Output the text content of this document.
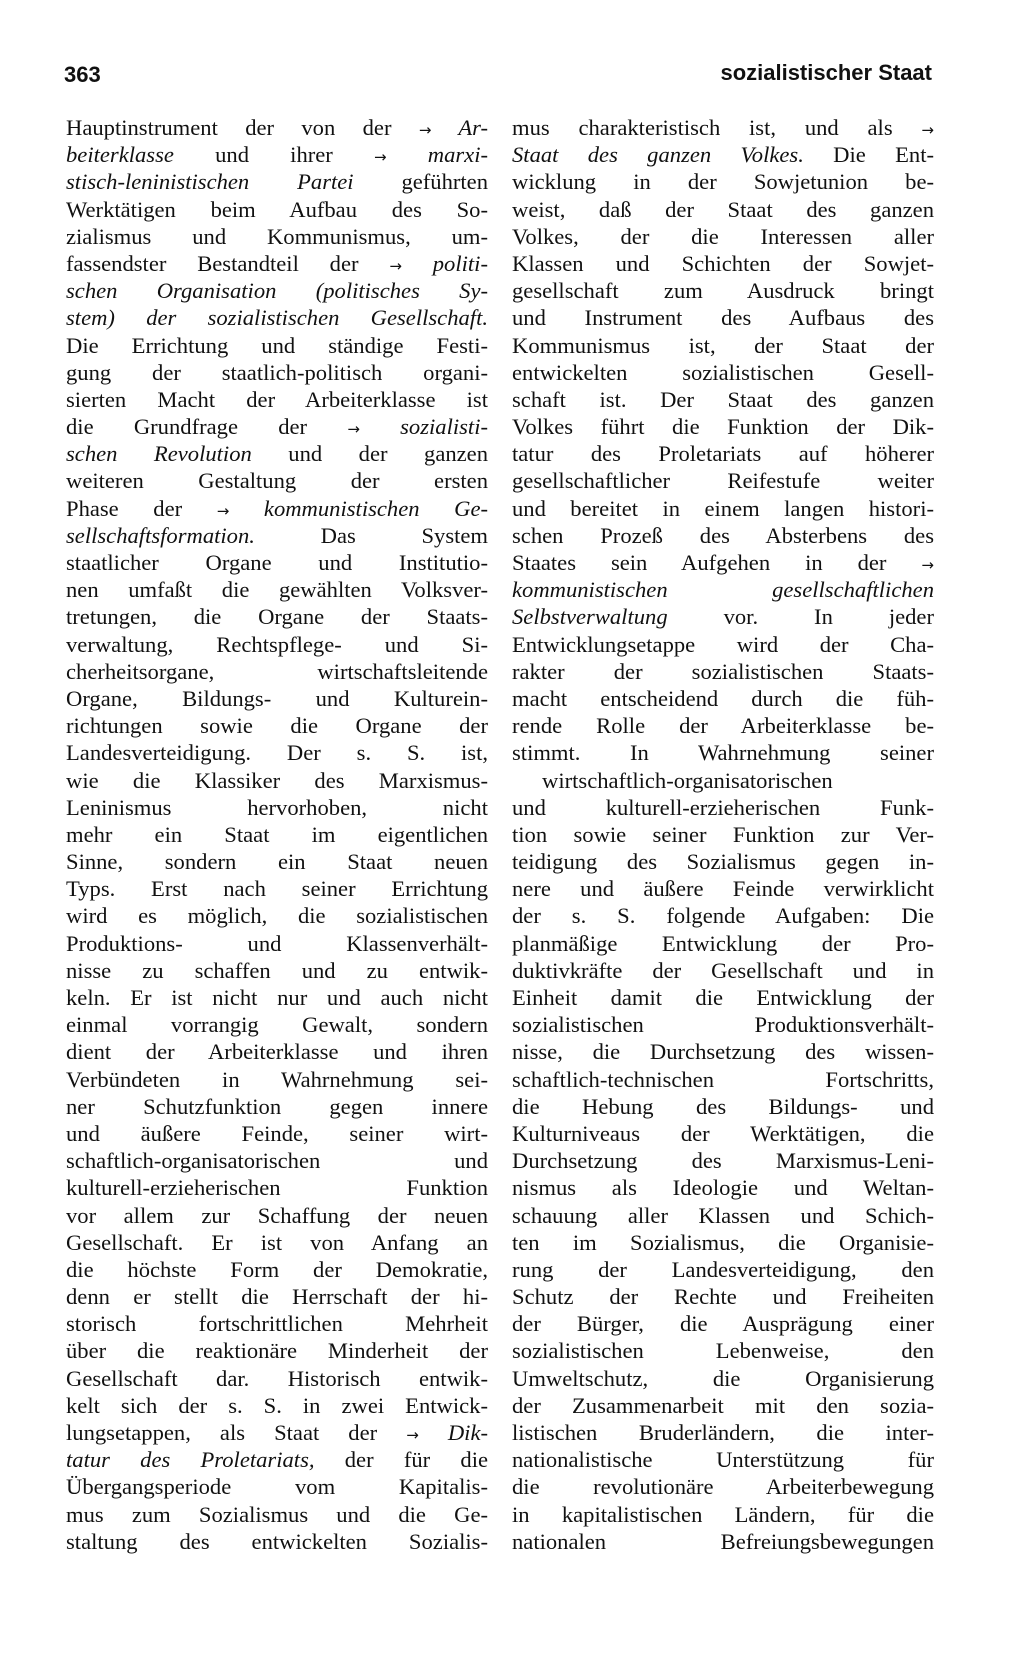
363	sozialistischer Staat
Hauptinstrument der von der → Ar-
beiterklasse und ihrer → marxi-
stisch-leninistischen Partei geführten
Werktätigen beim Aufbau des So-
zialismus und Kommunismus, um-
fassendster Bestandteil der → politi-
schen Organisation (politisches Sy-
stem) der sozialistischen Gesellschaft.
Die Errichtung und ständige Festi-
gung der staatlich-politisch organi-
sierten Macht der Arbeiterklasse ist
die Grundfrage der → sozialisti-
schen Revolution und der ganzen
weiteren Gestaltung der ersten
Phase der → kommunistischen Ge-
sellschaftsformation. Das System
staatlicher Organe und Institutio-
nen umfaßt die gewählten Volksver-
tretungen, die Organe der Staats-
verwaltung, Rechtspflege- und Si-
cherheitsorgane, wirtschaftsleitende
Organe, Bildungs- und Kulturein-
richtungen sowie die Organe der
Landesverteidigung. Der s. S. ist,
wie die Klassiker des Marxismus-
Leninismus hervorhoben, nicht
mehr ein Staat im eigentlichen
Sinne, sondern ein Staat neuen
Typs. Erst nach seiner Errichtung
wird es möglich, die sozialistischen
Produktions- und Klassenverhält-
nisse zu schaffen und zu entwik-
keln. Er ist nicht nur und auch nicht
einmal vorrangig Gewalt, sondern
dient der Arbeiterklasse und ihren
Verbündeten in Wahrnehmung sei-
ner Schutzfunktion gegen innere
und äußere Feinde, seiner wirt-
schaftlich-organisatorischen und
kulturell-erzieherischen Funktion
vor allem zur Schaffung der neuen
Gesellschaft. Er ist von Anfang an
die höchste Form der Demokratie,
denn er stellt die Herrschaft der hi-
storisch fortschrittlichen Mehrheit
über die reaktionäre Minderheit der
Gesellschaft dar. Historisch entwik-
kelt sich der s. S. in zwei Entwick-
lungsetappen, als Staat der → Dik-
tatur des Proletariats, der für die
Übergangsperiode vom Kapitalis-
mus zum Sozialismus und die Ge-
staltung des entwickelten Sozialis-
mus charakteristisch ist, und als →
Staat des ganzen Volkes. Die Ent-
wicklung in der Sowjetunion be-
weist, daß der Staat des ganzen
Volkes, der die Interessen aller
Klassen und Schichten der Sowjet-
gesellschaft zum Ausdruck bringt
und Instrument des Aufbaus des
Kommunismus ist, der Staat der
entwickelten sozialistischen Gesell-
schaft ist. Der Staat des ganzen
Volkes führt die Funktion der Dik-
tatur des Proletariats auf höherer
gesellschaftlicher Reifestufe weiter
und bereitet in einem langen histori-
schen Prozeß des Absterbens des
Staates sein Aufgehen in der →
kommunistischen gesellschaftlichen
Selbstverwaltung vor. In jeder
Entwicklungsetappe wird der Cha-
rakter der sozialistischen Staats-
macht entscheidend durch die füh-
rende Rolle der Arbeiterklasse be-
stimmt. In Wahrnehmung seiner
wirtschaftlich-organisatorischen
und kulturell-erzieherischen Funk-
tion sowie seiner Funktion zur Ver-
teidigung des Sozialismus gegen in-
nere und äußere Feinde verwirklicht
der s. S. folgende Aufgaben: Die
planmäßige Entwicklung der Pro-
duktivkräfte der Gesellschaft und in
Einheit damit die Entwicklung der
sozialistischen Produktionsverhält-
nisse, die Durchsetzung des wissen-
schaftlich-technischen Fortschritts,
die Hebung des Bildungs- und
Kulturniveaus der Werktätigen, die
Durchsetzung des Marxismus-Leni-
nismus als Ideologie und Weltan-
schauung aller Klassen und Schich-
ten im Sozialismus, die Organisie-
rung der Landesverteidigung, den
Schutz der Rechte und Freiheiten
der Bürger, die Ausprägung einer
sozialistischen Lebenweise, den
Umweltschutz, die Organisierung
der Zusammenarbeit mit den sozia-
listischen Bruderländern, die inter-
nationalistische Unterstützung für
die revolutionäre Arbeiterbewegung
in kapitalistischen Ländern, für die
nationalen Befreiungsbewegungen
